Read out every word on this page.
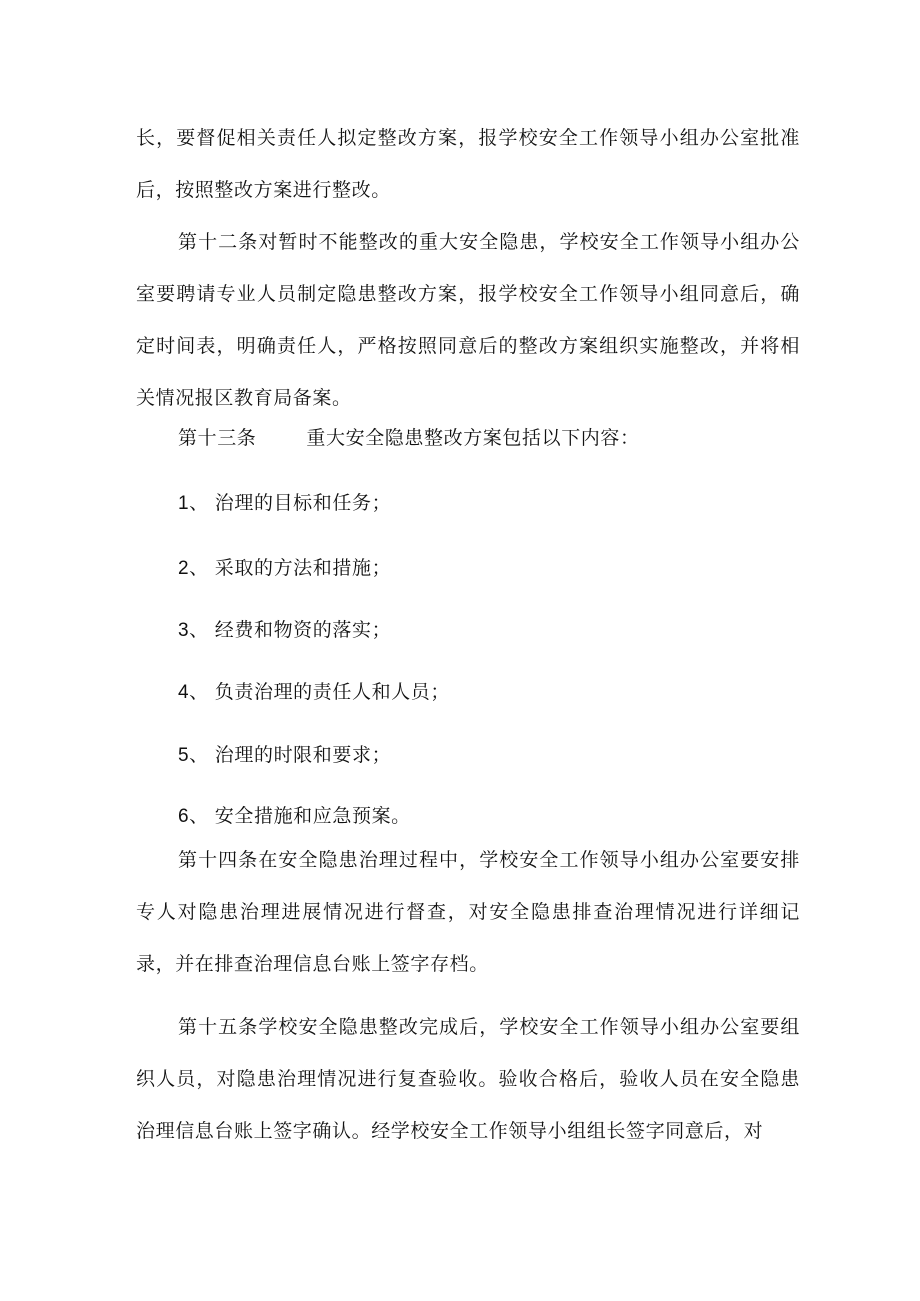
长，要督促相关责任人拟定整改方案，报学校安全工作领导小组办公室批准后，按照整改方案进行整改。

第十二条对暂时不能整改的重大安全隐患，学校安全工作领导小组办公室要聘请专业人员制定隐患整改方案，报学校安全工作领导小组同意后，确定时间表，明确责任人，严格按照同意后的整改方案组织实施整改，并将相关情况报区教育局备案。

第十三条	重大安全隐患整改方案包括以下内容：

1、 治理的目标和任务；

2、 采取的方法和措施；

3、 经费和物资的落实；

4、 负责治理的责任人和人员；

5、 治理的时限和要求；

6、 安全措施和应急预案。

第十四条在安全隐患治理过程中，学校安全工作领导小组办公室要安排专人对隐患治理进展情况进行督查，对安全隐患排查治理情况进行详细记录，并在排查治理信息台账上签字存档。

第十五条学校安全隐患整改完成后，学校安全工作领导小组办公室要组织人员，对隐患治理情况进行复查验收。验收合格后，验收人员在安全隐患治理信息台账上签字确认。经学校安全工作领导小组组长签字同意后，对
